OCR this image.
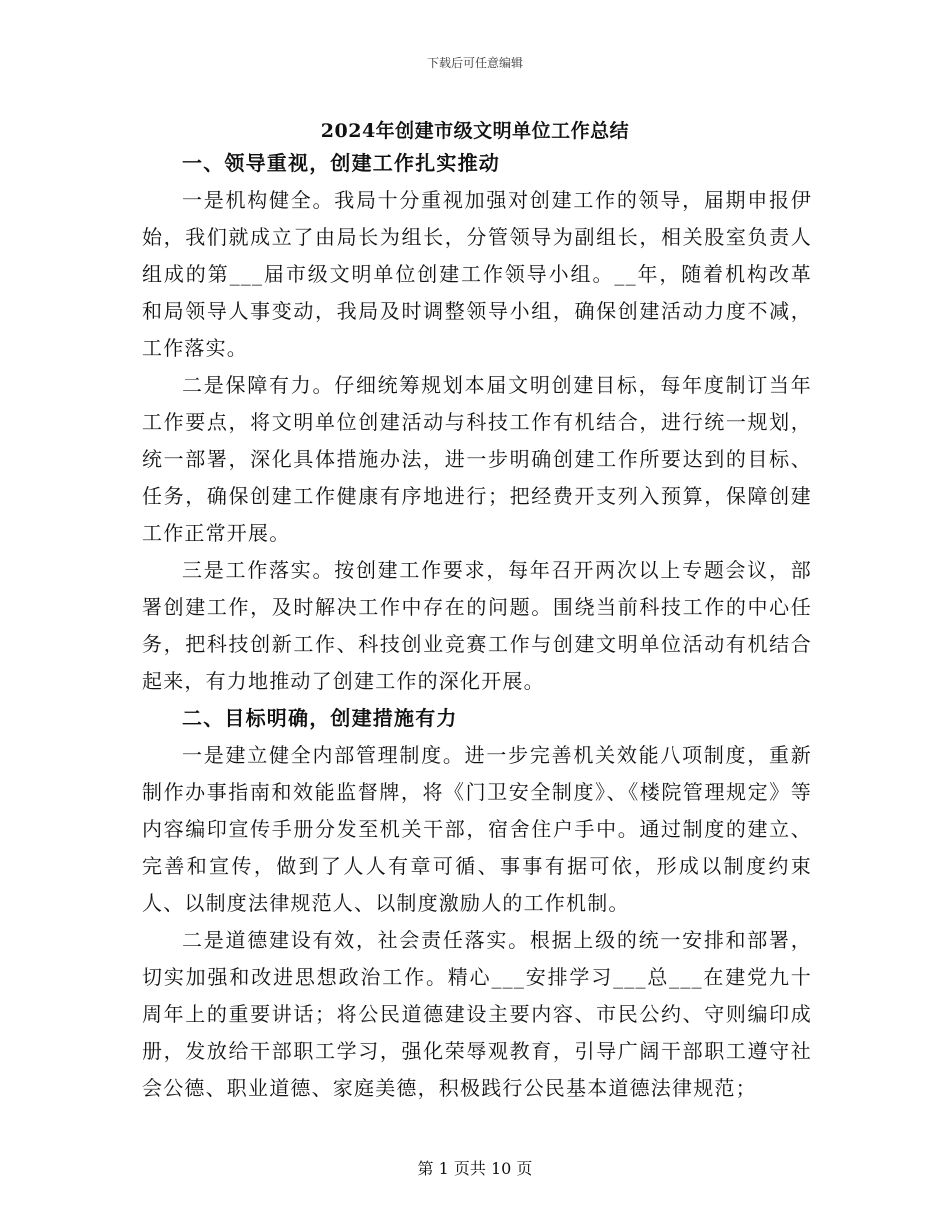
下载后可任意编辑
2024年创建市级文明单位工作总结
一、领导重视，创建工作扎实推动

一是机构健全。我局十分重视加强对创建工作的领导，届期申报伊始，我们就成立了由局长为组长，分管领导为副组长，相关股室负责人组成的第___届市级文明单位创建工作领导小组。__年，随着机构改革和局领导人事变动，我局及时调整领导小组，确保创建活动力度不减，工作落实。

二是保障有力。仔细统筹规划本届文明创建目标，每年度制订当年工作要点，将文明单位创建活动与科技工作有机结合，进行统一规划，统一部署，深化具体措施办法，进一步明确创建工作所要达到的目标、任务，确保创建工作健康有序地进行；把经费开支列入预算，保障创建工作正常开展。

三是工作落实。按创建工作要求，每年召开两次以上专题会议，部署创建工作，及时解决工作中存在的问题。围绕当前科技工作的中心任务，把科技创新工作、科技创业竞赛工作与创建文明单位活动有机结合起来，有力地推动了创建工作的深化开展。

二、目标明确，创建措施有力

一是建立健全内部管理制度。进一步完善机关效能八项制度，重新制作办事指南和效能监督牌，将《门卫安全制度》、《楼院管理规定》等内容编印宣传手册分发至机关干部，宿舍住户手中。通过制度的建立、完善和宣传，做到了人人有章可循、事事有据可依，形成以制度约束人、以制度法律规范人、以制度激励人的工作机制。

二是道德建设有效，社会责任落实。根据上级的统一安排和部署，切实加强和改进思想政治工作。精心___安排学习___总___在建党九十周年上的重要讲话；将公民道德建设主要内容、市民公约、守则编印成册，发放给干部职工学习，强化荣辱观教育，引导广阔干部职工遵守社会公德、职业道德、家庭美德，积极践行公民基本道德法律规范；

第 1 页共 10 页
